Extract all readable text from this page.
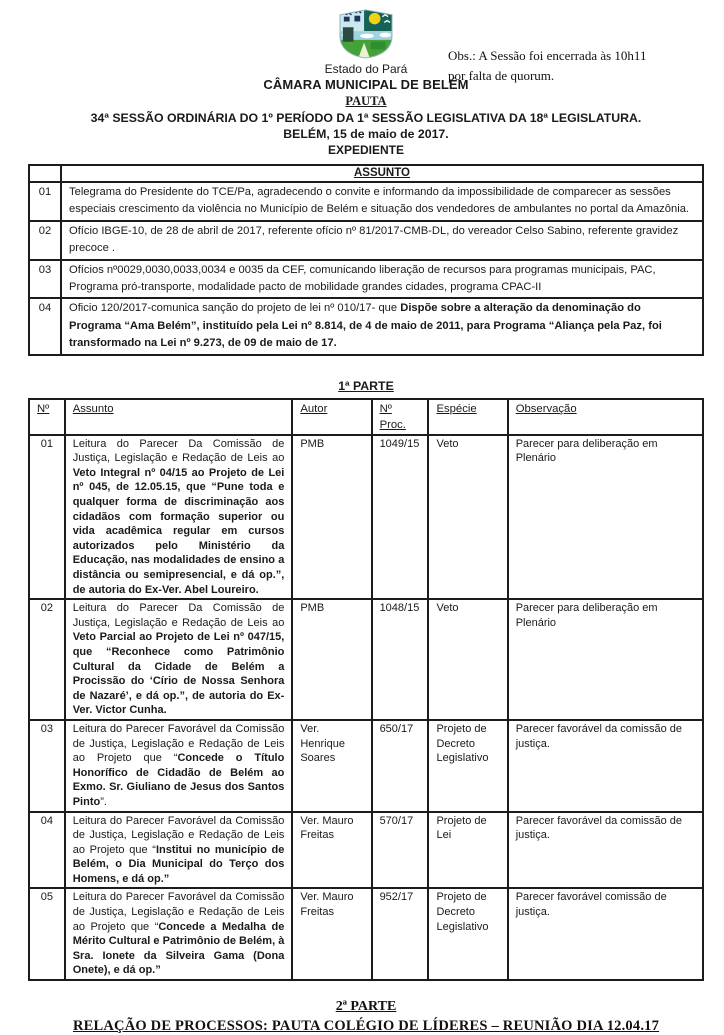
Obs.: A Sessão foi encerrada às 10h11
por falta de quorum.
Estado do Pará
CÂMARA MUNICIPAL DE BELÉM
PAUTA
34ª SESSÃO ORDINÁRIA DO 1º PERÍODO DA 1ª SESSÃO LEGISLATIVA DA 18ª LEGISLATURA.
BELÉM, 15 de maio de 2017.
EXPEDIENTE
	ASSUNTO
01	Telegrama do Presidente do TCE/Pa, agradecendo o convite e informando da impossibilidade de comparecer as sessões especiais crescimento da violência no Município de Belém e situação dos vendedores de ambulantes no portal da Amazônia.
02	Ofício IBGE-10, de 28 de abril de 2017, referente ofício nº 81/2017-CMB-DL, do vereador Celso Sabino, referente gravidez precoce .
03	Ofícios nº0029,0030,0033,0034 e 0035 da CEF, comunicando liberação de recursos para programas municipais, PAC, Programa pró-transporte, modalidade pacto de mobilidade grandes cidades, programa CPAC-II
04	Oficio 120/2017-comunica sanção do projeto de lei nº 010/17- que Dispõe sobre a alteração da denominação do Programa “Ama Belém”, instituído pela Lei nº 8.814, de 4 de maio de 2011, para Programa “Aliança pela Paz, foi transformado na Lei nº 9.273, de 09 de maio de 17.
1ª PARTE
Nº	Assunto	Autor	Nº Proc.	Espécie	Observação
01	Leitura do Parecer Da Comissão de Justiça, Legislação e Redação de Leis ao Veto Integral nº 04/15 ao Projeto de Lei nº 045, de 12.05.15, que “Pune toda e qualquer forma de discriminação aos cidadãos com formação superior ou vida acadêmica regular em cursos autorizados pelo Ministério da Educação, nas modalidades de ensino a distância ou semipresencial, e dá op.”, de autoria do Ex-Ver. Abel Loureiro.	PMB	1049/15	Veto	Parecer para deliberação em Plenário
02	Leitura do Parecer Da Comissão de Justiça, Legislação e Redação de Leis ao Veto Parcial ao Projeto de Lei nº 047/15, que “Reconhece como Patrimônio Cultural da Cidade de Belém a Procissão do ‘Círio de Nossa Senhora de Nazaré’, e dá op.”, de autoria do Ex-Ver. Victor Cunha.	PMB	1048/15	Veto	Parecer para deliberação em Plenário
03	Leitura do Parecer Favorável da Comissão de Justiça, Legislação e Redação de Leis ao Projeto que “Concede o Título Honorífico de Cidadão de Belém ao Exmo. Sr. Giuliano de Jesus dos Santos Pinto”.	Ver. Henrique Soares	650/17	Projeto de Decreto Legislativo	Parecer favorável da comissão de justiça.
04	Leitura do Parecer Favorável da Comissão de Justiça, Legislação e Redação de Leis ao Projeto que “Institui no município de Belém, o Dia Municipal do Terço dos Homens, e dá op.”	Ver. Mauro Freitas	570/17	Projeto de Lei	Parecer favorável da comissão de justiça.
05	Leitura do Parecer Favorável da Comissão de Justiça, Legislação e Redação de Leis ao Projeto que “Concede a Medalha de Mérito Cultural e Patrimônio de Belém, à Sra. Ionete da Silveira Gama (Dona Onete), e dá op.”	Ver. Mauro Freitas	952/17	Projeto de Decreto Legislativo	Parecer favorável comissão de justiça.
2ª PARTE
RELAÇÃO DE PROCESSOS: PAUTA COLÉGIO DE LÍDERES – REUNIÃO DIA 12.04.17
